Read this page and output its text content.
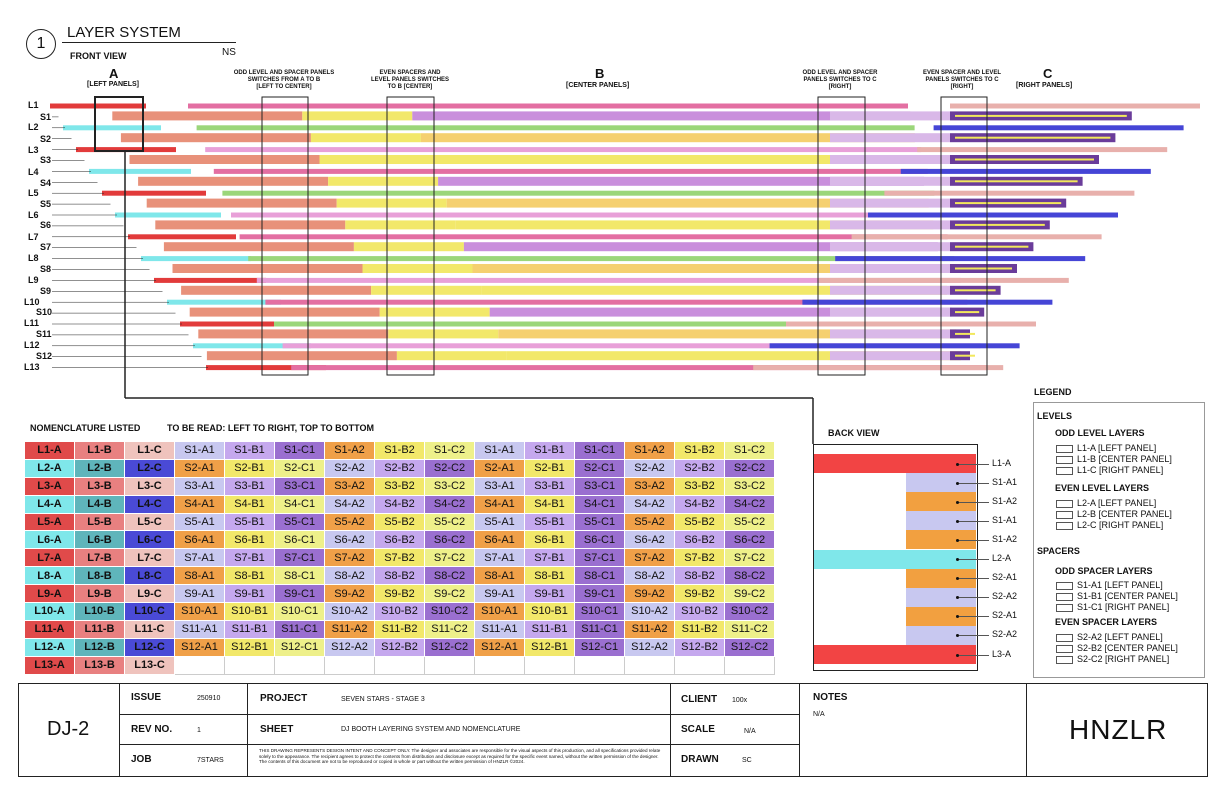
1
LAYER SYSTEM
FRONT VIEW	NS
A
[LEFT PANELS]
B
[CENTER PANELS]
C
[RIGHT PANELS]
ODD LEVEL AND SPACER PANELS
SWITCHES FROM A TO B
[LEFT TO CENTER]
EVEN SPACERS AND
LEVEL PANELS SWITCHES
TO B [CENTER]
ODD LEVEL AND SPACER
PANELS SWITCHES TO C
[RIGHT]
EVEN SPACER AND LEVEL
PANELS SWITCHES TO C
[RIGHT]
L1
S1
L2
S2
L3
S3
L4
S4
L5
S5
L6
S6
L7
S7
L8
S8
L9
S9
L10
S10
L11
S11
L12
S12
L13
NOMENCLATURE LISTED	TO BE READ: LEFT TO RIGHT, TOP TO BOTTOM
L1-A	L1-B	L1-C	S1-A1	S1-B1	S1-C1	S1-A2	S1-B2	S1-C2	S1-A1	S1-B1	S1-C1	S1-A2	S1-B2	S1-C2
L2-A	L2-B	L2-C	S2-A1	S2-B1	S2-C1	S2-A2	S2-B2	S2-C2	S2-A1	S2-B1	S2-C1	S2-A2	S2-B2	S2-C2
L3-A	L3-B	L3-C	S3-A1	S3-B1	S3-C1	S3-A2	S3-B2	S3-C2	S3-A1	S3-B1	S3-C1	S3-A2	S3-B2	S3-C2
L4-A	L4-B	L4-C	S4-A1	S4-B1	S4-C1	S4-A2	S4-B2	S4-C2	S4-A1	S4-B1	S4-C1	S4-A2	S4-B2	S4-C2
L5-A	L5-B	L5-C	S5-A1	S5-B1	S5-C1	S5-A2	S5-B2	S5-C2	S5-A1	S5-B1	S5-C1	S5-A2	S5-B2	S5-C2
L6-A	L6-B	L6-C	S6-A1	S6-B1	S6-C1	S6-A2	S6-B2	S6-C2	S6-A1	S6-B1	S6-C1	S6-A2	S6-B2	S6-C2
L7-A	L7-B	L7-C	S7-A1	S7-B1	S7-C1	S7-A2	S7-B2	S7-C2	S7-A1	S7-B1	S7-C1	S7-A2	S7-B2	S7-C2
L8-A	L8-B	L8-C	S8-A1	S8-B1	S8-C1	S8-A2	S8-B2	S8-C2	S8-A1	S8-B1	S8-C1	S8-A2	S8-B2	S8-C2
L9-A	L9-B	L9-C	S9-A1	S9-B1	S9-C1	S9-A2	S9-B2	S9-C2	S9-A1	S9-B1	S9-C1	S9-A2	S9-B2	S9-C2
L10-A	L10-B	L10-C	S10-A1	S10-B1	S10-C1	S10-A2	S10-B2	S10-C2	S10-A1	S10-B1	S10-C1	S10-A2	S10-B2	S10-C2
L11-A	L11-B	L11-C	S11-A1	S11-B1	S11-C1	S11-A2	S11-B2	S11-C2	S11-A1	S11-B1	S11-C1	S11-A2	S11-B2	S11-C2
L12-A	L12-B	L12-C	S12-A1	S12-B1	S12-C1	S12-A2	S12-B2	S12-C2	S12-A1	S12-B1	S12-C1	S12-A2	S12-B2	S12-C2
L13-A	L13-B	L13-C												
BACK VIEW
L1-A
S1-A1
S1-A2
S1-A1
S1-A2
L2-A
S2-A1
S2-A2
S2-A1
S2-A2
L3-A
LEGEND
LEVELS
ODD LEVEL LAYERS
L1-A [LEFT PANEL]
L1-B [CENTER PANEL]
L1-C [RIGHT PANEL]
EVEN LEVEL LAYERS
L2-A [LEFT PANEL]
L2-B [CENTER PANEL]
L2-C [RIGHT PANEL]
SPACERS
ODD SPACER LAYERS
S1-A1 [LEFT PANEL]
S1-B1 [CENTER PANEL]
S1-C1 [RIGHT PANEL]
EVEN SPACER LAYERS
S2-A2 [LEFT PANEL]
S2-B2 [CENTER PANEL]
S2-C2 [RIGHT PANEL]
DJ-2
ISSUE	250910
REV NO.	1
JOB	7STARS
PROJECT	SEVEN STARS - STAGE 3
SHEET	DJ BOOTH LAYERING SYSTEM AND NOMENCLATURE
THIS DRAWING REPRESENTS DESIGN INTENT AND CONCEPT ONLY. The designer and associates are responsible for the visual aspects of this production, and all specifications provided relate solely to the appearance. The recipient agrees to protect the contents from distribution and disclosure except as required for the specific event named, without the written permission of the designer. The contents of this document are not to be reproduced or copied in whole or part without the written permission of HNZLR ©2024.
CLIENT 100x
SCALE	N/A
DRAWN	SC
NOTES
N/A	HNZLR
